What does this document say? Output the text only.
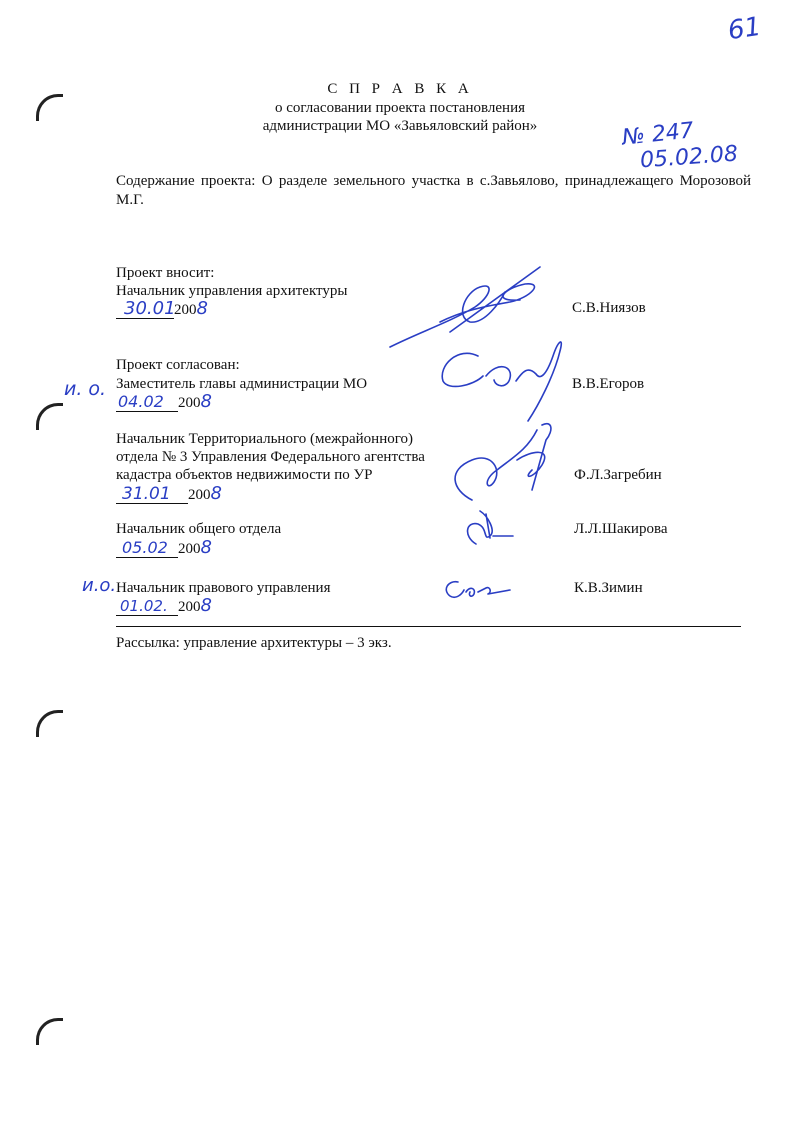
61
С П Р А В К А
о согласовании проекта постановления
администрации МО «Завьяловский район»	№ 247
05.02.08
Содержание проекта: О разделе земельного участка в с.Завьялово, принадлежащего Морозовой М.Г.
Проект вносит:
Начальник управления архитектуры
30.012008	С.В.Ниязов
Проект согласован:
и. о. Заместитель главы администрации МО
04.02 2008
В.В.Егоров
Начальник Территориального (межрайонного)
отдела № 3 Управления Федерального агентства
кадастра объектов недвижимости по УР
31.01 2008
Ф.Л.Загребин
Начальник общего отдела
05.02 2008
Л.Л.Шакирова
и.о. Начальник правового управления
01.02. 2008
К.В.Зимин
Рассылка: управление архитектуры – 3 экз.
